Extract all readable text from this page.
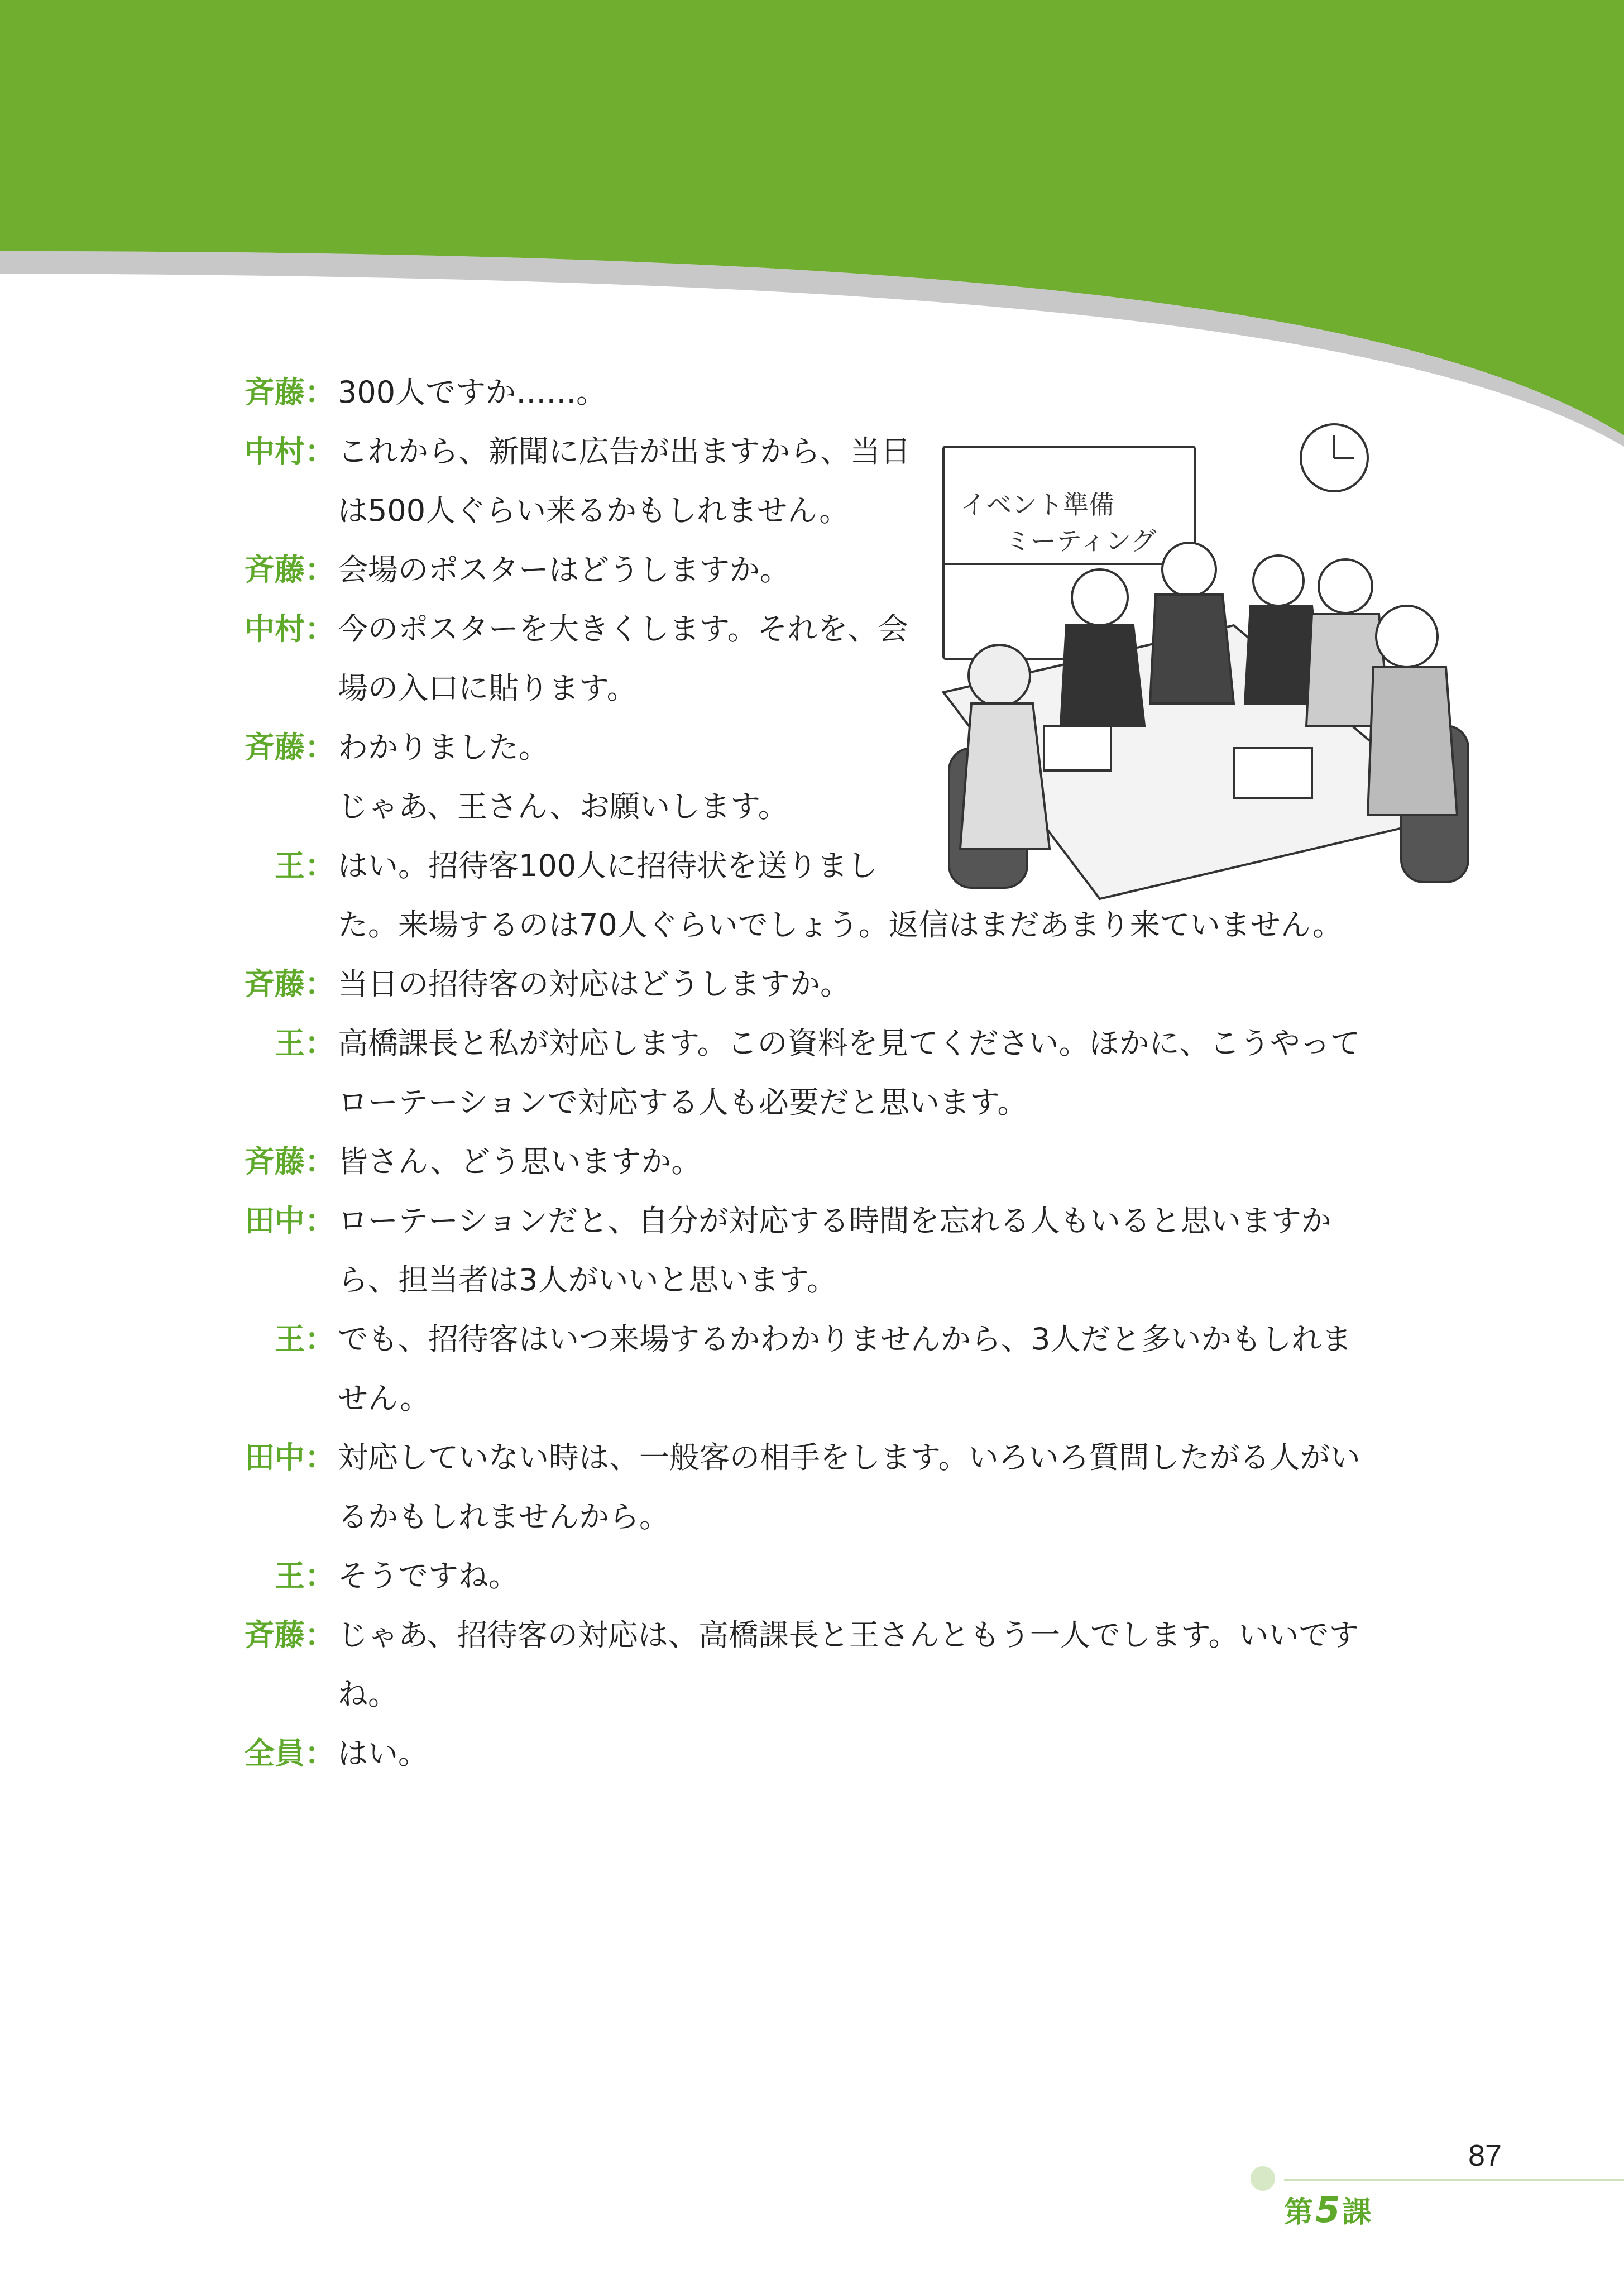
イベント準備
ミーティング
斉藤： 300人ですか……。
中村： これから、新聞に広告が出ますから、当日
は500人ぐらい来るかもしれません。
斉藤： 会場のポスターはどうしますか。
中村： 今のポスターを大きくします。それを、会
場の入口に貼ります。
斉藤： わかりました。
じゃあ、王さん、お願いします。
王： はい。招待客100人に招待状を送りまし
た。来場するのは70人ぐらいでしょう。返信はまだあまり来ていません。
斉藤： 当日の招待客の対応はどうしますか。
王： 高橋課長と私が対応します。この資料を見てください。ほかに、こうやって
ローテーションで対応する人も必要だと思います。
斉藤： 皆さん、どう思いますか。
田中： ローテーションだと、自分が対応する時間を忘れる人もいると思いますか
ら、担当者は3人がいいと思います。
王： でも、招待客はいつ来場するかわかりませんから、3人だと多いかもしれま
せん。
田中： 対応していない時は、一般客の相手をします。いろいろ質問したがる人がい
るかもしれませんから。
王： そうですね。
斉藤： じゃあ、招待客の対応は、高橋課長と王さんともう一人でします。いいです
ね。
全員： はい。
87
第5課
